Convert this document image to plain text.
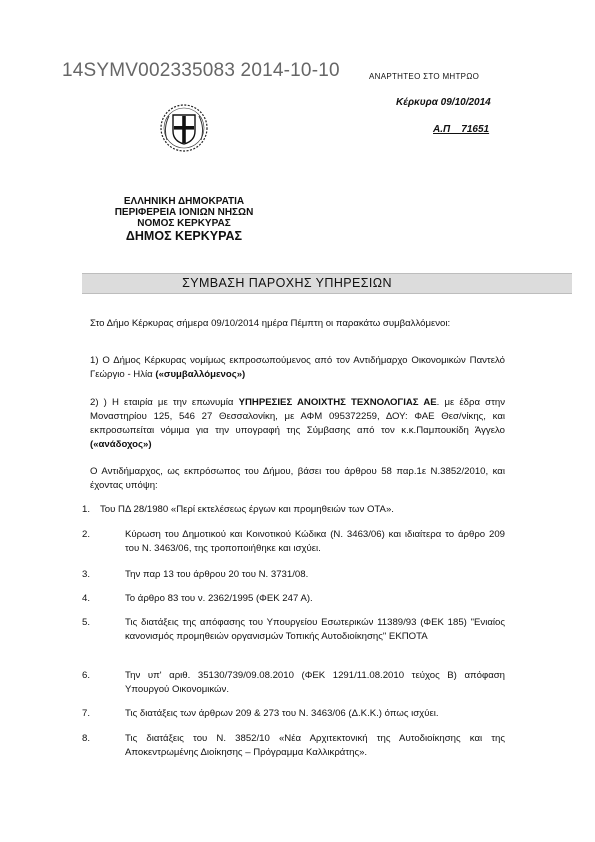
14SYMV002335083 2014-10-10	ΑΝΑΡΤΗΤΕΟ ΣΤΟ ΜΗΤΡΩΟ
Κέρκυρα 09/10/2014
Α.Π    71651
ΕΛΛΗΝΙΚΗ ΔΗΜΟΚΡΑΤΙΑ
ΠΕΡΙΦΕΡΕΙΑ ΙΟΝΙΩΝ ΝΗΣΩΝ
ΝΟΜΟΣ ΚΕΡΚΥΡΑΣ
ΔΗΜΟΣ ΚΕΡΚΥΡΑΣ
ΣΥΜΒΑΣΗ ΠΑΡΟΧΗΣ ΥΠΗΡΕΣΙΩΝ
Στο Δήμο Κέρκυρας σήμερα 09/10/2014 ημέρα Πέμπτη οι παρακάτω συμβαλλόμενοι:
1) Ο Δήμος Κέρκυρας νομίμως εκπροσωπούμενος από τον Αντιδήμαρχο Οικονομικών Παντελό Γεώργιο - Ηλία («συμβαλλόμενος»)
2) ) Η εταιρία με την επωνυμία ΥΠΗΡΕΣΙΕΣ ΑΝΟΙΧΤΗΣ ΤΕΧΝΟΛΟΓΙΑΣ ΑΕ. με έδρα στην Μοναστηρίου 125, 546 27 Θεσσαλονίκη, με ΑΦΜ 095372259, ΔΟΥ: ΦΑΕ Θεσ/νίκης, και εκπροσωπείται νόμιμα για την υπογραφή της Σύμβασης από τον κ.κ.Παμπουκίδη Άγγελο («ανάδοχος»)
Ο Αντιδήμαρχος, ως εκπρόσωπος του Δήμου, βάσει του άρθρου 58 παρ.1ε Ν.3852/2010, και έχοντας υπόψη:
1. Του ΠΔ 28/1980 «Περί εκτελέσεως έργων και προμηθειών των ΟΤΑ».
2.	Κύρωση του Δημοτικού και Κοινοτικού Κώδικα (Ν. 3463/06) και ιδιαίτερα το άρθρο 209 του Ν. 3463/06, της τροποποιήθηκε και ισχύει.
3.	Την παρ 13 του άρθρου 20 του Ν. 3731/08.
4.	Το άρθρο 83 του ν. 2362/1995 (ΦΕΚ 247 Α).
5.	Τις διατάξεις της απόφασης του Υπουργείου Εσωτερικών 11389/93 (ΦΕΚ 185) "Ενιαίος κανονισμός προμηθειών οργανισμών Τοπικής Αυτοδιοίκησης" ΕΚΠΟΤΑ
6.	Την υπ' αριθ. 35130/739/09.08.2010 (ΦΕΚ 1291/11.08.2010 τεύχος Β) απόφαση Υπουργού Οικονομικών.
7.	Τις διατάξεις των άρθρων 209 & 273 του Ν. 3463/06 (Δ.Κ.Κ.) όπως ισχύει.
8.	Τις διατάξεις του Ν. 3852/10 «Νέα Αρχιτεκτονική της Αυτοδιοίκησης και της Αποκεντρωμένης Διοίκησης – Πρόγραμμα Καλλικράτης».
